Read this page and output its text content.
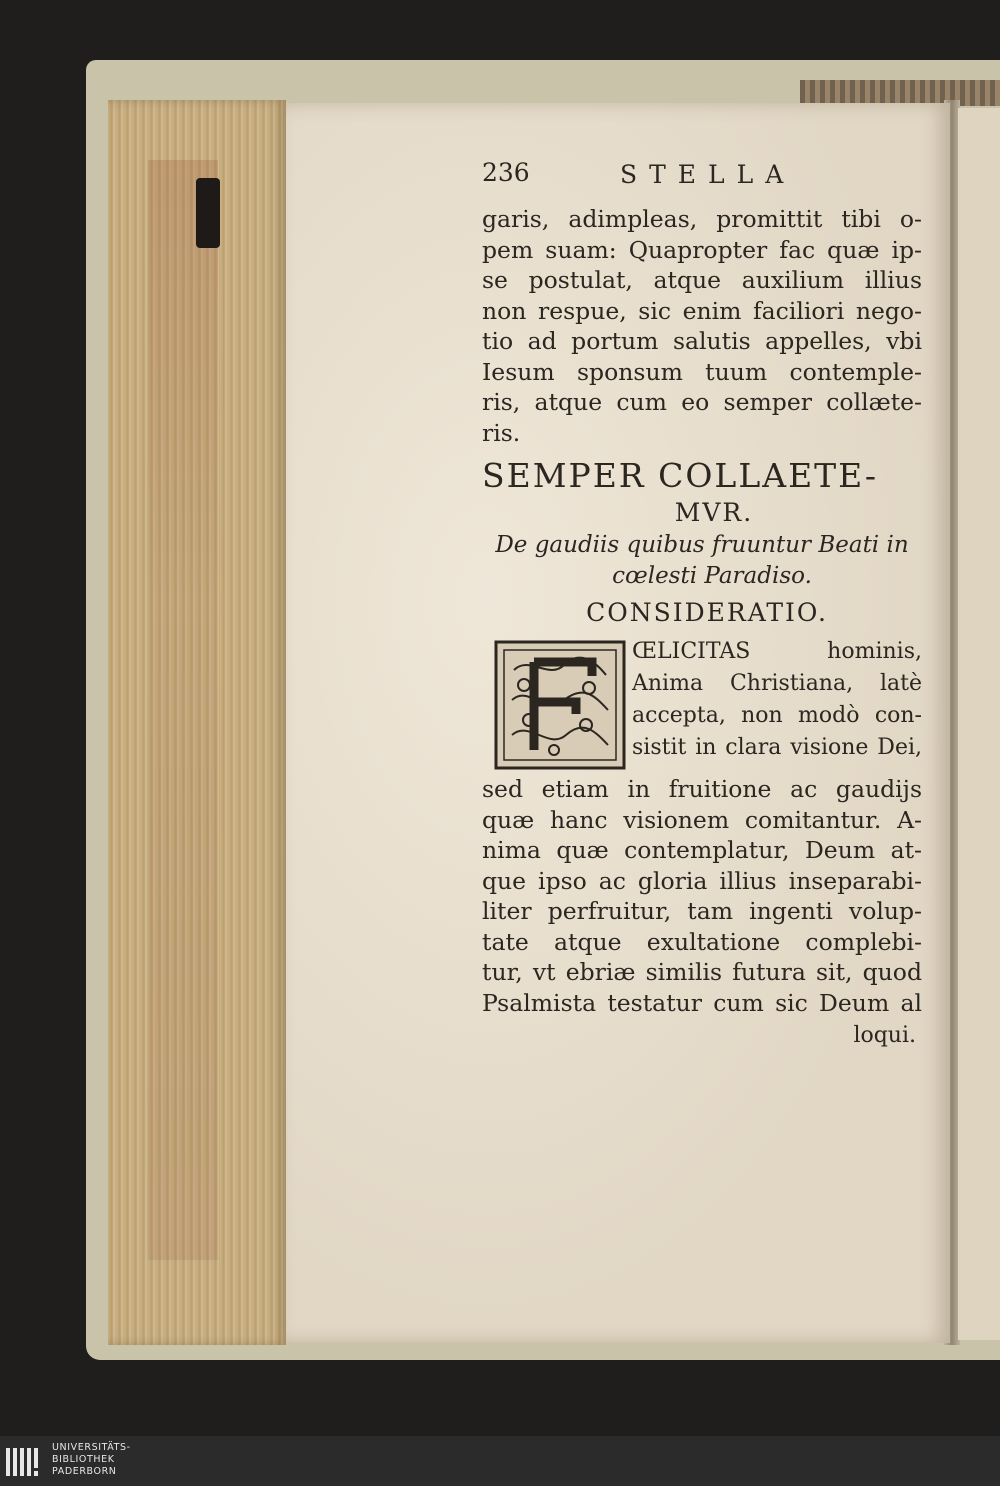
236	STELLA
garis, adimpleas, promittit tibi o-
pem suam: Quapropter fac quæ ip-
se postulat, atque auxilium illius
non respue, sic enim faciliori nego-
tio ad portum salutis appelles, vbi
Iesum sponsum tuum contemple-
ris, atque cum eo semper collæte-
ris.
SEMPER COLLAETE-
MVR.
De gaudiis quibus fruuntur Beati in
cœlesti Paradiso.
CONSIDERATIO.
ŒLICITAS hominis,
Anima Christiana, latè
accepta, non modò con-
sistit in clara visione Dei,
sed etiam in fruitione ac gaudijs
quæ hanc visionem comitantur. A-
nima quæ contemplatur, Deum at-
que ipso ac gloria illius inseparabi-
liter perfruitur, tam ingenti volup-
tate atque exultatione complebi-
tur, vt ebriæ similis futura sit, quod
Psalmista testatur cum sic Deum al
loqui.
UNIVERSITÄTS-
BIBLIOTHEK
PADERBORN
